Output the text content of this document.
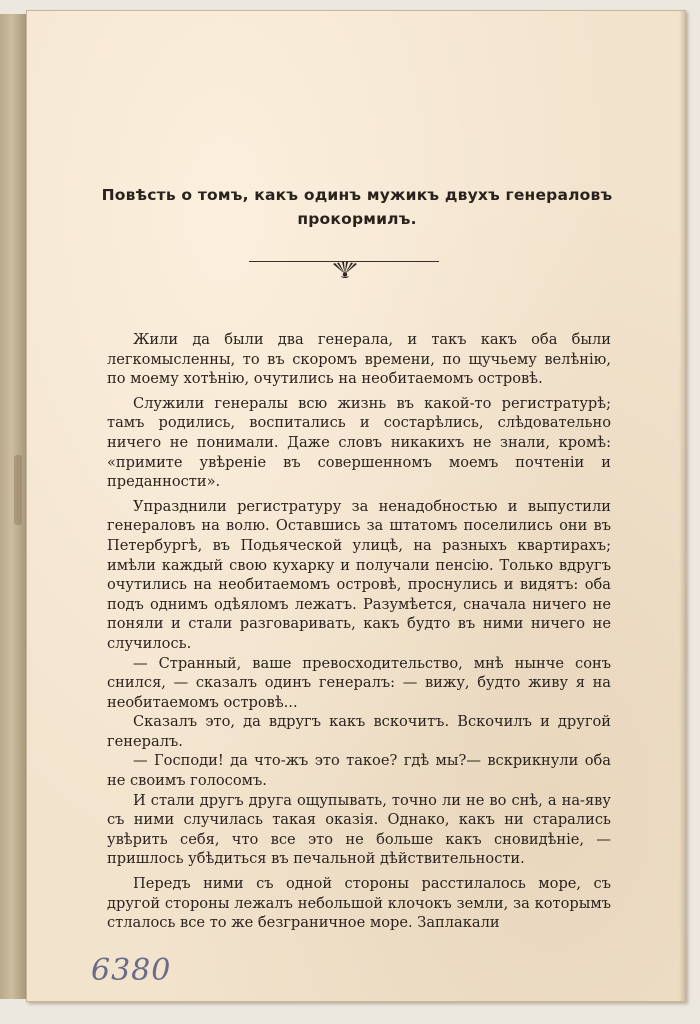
Повѣсть о томъ, какъ одинъ мужикъ двухъ генераловъ
прокормилъ.

Жили да были два генерала, и такъ какъ оба были легкомысленны, то въ скоромъ времени, по щучьему велѣнію, по моему хотѣнію, очутились на необитаемомъ островѣ.

Служили генералы всю жизнь въ какой-то регистратурѣ; тамъ родились, воспитались и состарѣлись, слѣдовательно ничего не понимали. Даже словъ никакихъ не знали, кромѣ: «примите увѣреніе въ совершенномъ моемъ почтеніи и преданности».

Упразднили регистратуру за ненадобностью и выпустили генераловъ на волю. Оставшись за штатомъ поселились они въ Петербургѣ, въ Подьяческой улицѣ, на разныхъ квартирахъ; имѣли каждый свою кухарку и получали пенсію. Только вдругъ очутились на необитаемомъ островѣ, проснулись и видятъ: оба подъ однимъ одѣяломъ лежатъ. Разумѣется, сначала ничего не поняли и стали разговаривать, какъ будто въ ними ничего не случилось.

— Странный, ваше превосходительство, мнѣ нынче сонъ снился, — сказалъ одинъ генералъ: — вижу, будто живу я на необитаемомъ островѣ...

Сказалъ это, да вдругъ какъ вскочитъ. Вскочилъ и другой генералъ.

— Господи! да что-жъ это такое? гдѣ мы?— вскрикнули оба не своимъ голосомъ.

И стали другъ друга ощупывать, точно ли не во снѣ, а на-яву съ ними случилась такая оказія. Однако, какъ ни старались увѣрить себя, что все это не больше какъ сновидѣніе, — пришлось убѣдиться въ печальной дѣйствительности.

Передъ ними съ одной стороны расстилалось море, съ другой стороны лежалъ небольшой клочокъ земли, за которымъ стлалось все то же безграничное море. Заплакали

6380
